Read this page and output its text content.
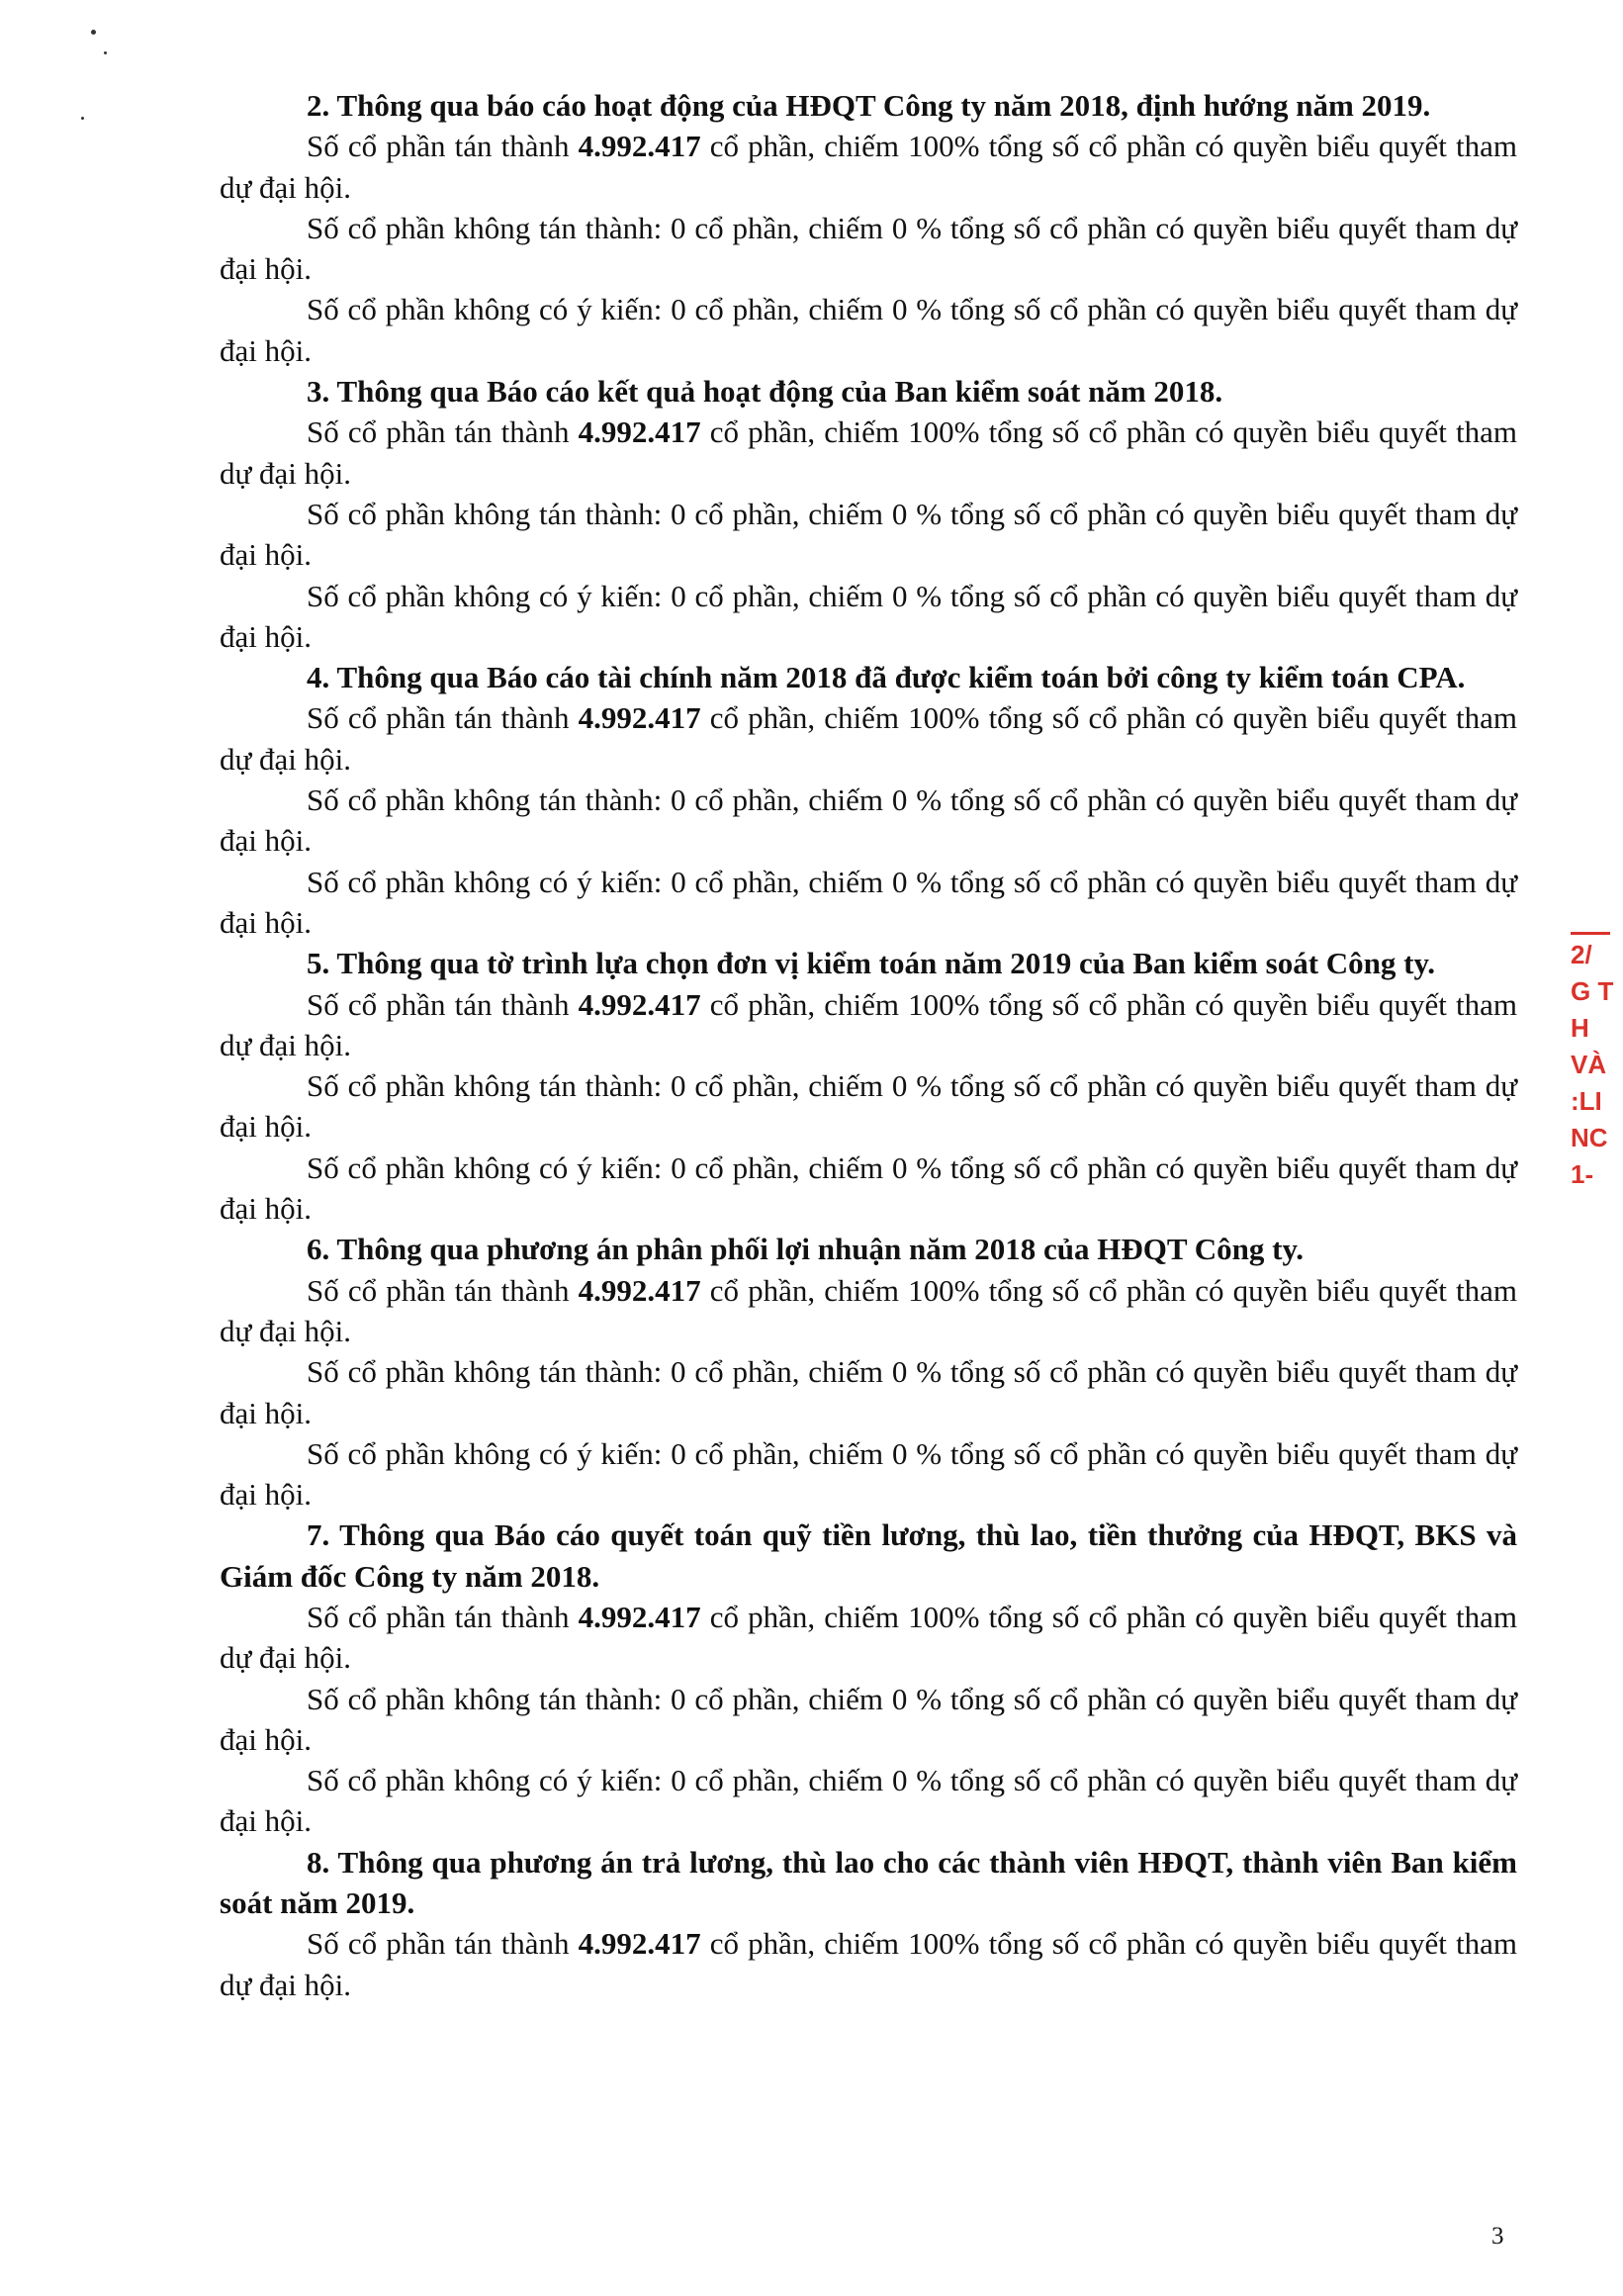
2. Thông qua báo cáo hoạt động của HĐQT Công ty năm 2018, định hướng năm 2019.

Số cổ phần tán thành 4.992.417 cổ phần, chiếm 100% tổng số cổ phần có quyền biểu quyết tham dự đại hội.

Số cổ phần không tán thành: 0 cổ phần, chiếm 0 % tổng số cổ phần có quyền biểu quyết tham dự đại hội.

Số cổ phần không có ý kiến: 0 cổ phần, chiếm 0 % tổng số cổ phần có quyền biểu quyết tham dự đại hội.

3. Thông qua Báo cáo kết quả hoạt động của Ban kiểm soát năm 2018.

Số cổ phần tán thành 4.992.417 cổ phần, chiếm 100% tổng số cổ phần có quyền biểu quyết tham dự đại hội.

Số cổ phần không tán thành: 0 cổ phần, chiếm 0 % tổng số cổ phần có quyền biểu quyết tham dự đại hội.

Số cổ phần không có ý kiến: 0 cổ phần, chiếm 0 % tổng số cổ phần có quyền biểu quyết tham dự đại hội.

4. Thông qua Báo cáo tài chính năm 2018 đã được kiểm toán bởi công ty kiểm toán CPA.

Số cổ phần tán thành 4.992.417 cổ phần, chiếm 100% tổng số cổ phần có quyền biểu quyết tham dự đại hội.

Số cổ phần không tán thành: 0 cổ phần, chiếm 0 % tổng số cổ phần có quyền biểu quyết tham dự đại hội.

Số cổ phần không có ý kiến: 0 cổ phần, chiếm 0 % tổng số cổ phần có quyền biểu quyết tham dự đại hội.

5. Thông qua tờ trình lựa chọn đơn vị kiểm toán năm 2019 của Ban kiểm soát Công ty.

Số cổ phần tán thành 4.992.417 cổ phần, chiếm 100% tổng số cổ phần có quyền biểu quyết tham dự đại hội.

Số cổ phần không tán thành: 0 cổ phần, chiếm 0 % tổng số cổ phần có quyền biểu quyết tham dự đại hội.

Số cổ phần không có ý kiến: 0 cổ phần, chiếm 0 % tổng số cổ phần có quyền biểu quyết tham dự đại hội.

6. Thông qua phương án phân phối lợi nhuận năm 2018 của HĐQT Công ty.

Số cổ phần tán thành 4.992.417 cổ phần, chiếm 100% tổng số cổ phần có quyền biểu quyết tham dự đại hội.

Số cổ phần không tán thành: 0 cổ phần, chiếm 0 % tổng số cổ phần có quyền biểu quyết tham dự đại hội.

Số cổ phần không có ý kiến: 0 cổ phần, chiếm 0 % tổng số cổ phần có quyền biểu quyết tham dự đại hội.

7. Thông qua Báo cáo quyết toán quỹ tiền lương, thù lao, tiền thưởng của HĐQT, BKS và Giám đốc Công ty năm 2018.

Số cổ phần tán thành 4.992.417 cổ phần, chiếm 100% tổng số cổ phần có quyền biểu quyết tham dự đại hội.

Số cổ phần không tán thành: 0 cổ phần, chiếm 0 % tổng số cổ phần có quyền biểu quyết tham dự đại hội.

Số cổ phần không có ý kiến: 0 cổ phần, chiếm 0 % tổng số cổ phần có quyền biểu quyết tham dự đại hội.

8. Thông qua phương án trả lương, thù lao cho các thành viên HĐQT, thành viên Ban kiểm soát năm 2019.

Số cổ phần tán thành 4.992.417 cổ phần, chiếm 100% tổng số cổ phần có quyền biểu quyết tham dự đại hội.

2/
G T
H
VÀ
:LI
NC
1-
3
